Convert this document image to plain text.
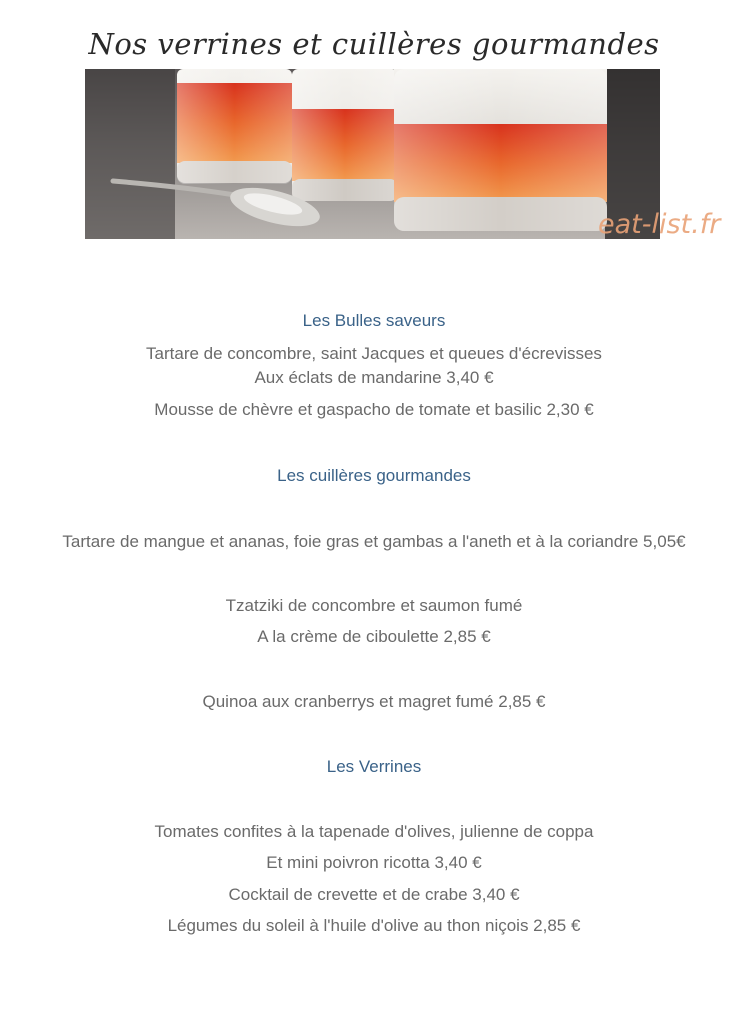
Nos verrines et cuillères gourmandes
eat-list.fr
Les Bulles saveurs
Tartare de concombre, saint Jacques et queues d'écrevisses
Aux éclats de mandarine 3,40 €
Mousse de chèvre et gaspacho de tomate et basilic 2,30 €
Les cuillères gourmandes
Tartare de mangue et ananas, foie gras et gambas a l'aneth et à la coriandre 5,05€
Tzatziki de concombre et saumon fumé
A la crème de ciboulette 2,85 €
Quinoa aux cranberrys et magret fumé 2,85 €
Les Verrines
Tomates confites à la tapenade d'olives, julienne de coppa
Et mini poivron ricotta 3,40 €
Cocktail de crevette et de crabe 3,40 €
Légumes du soleil à l'huile d'olive au thon niçois 2,85 €
